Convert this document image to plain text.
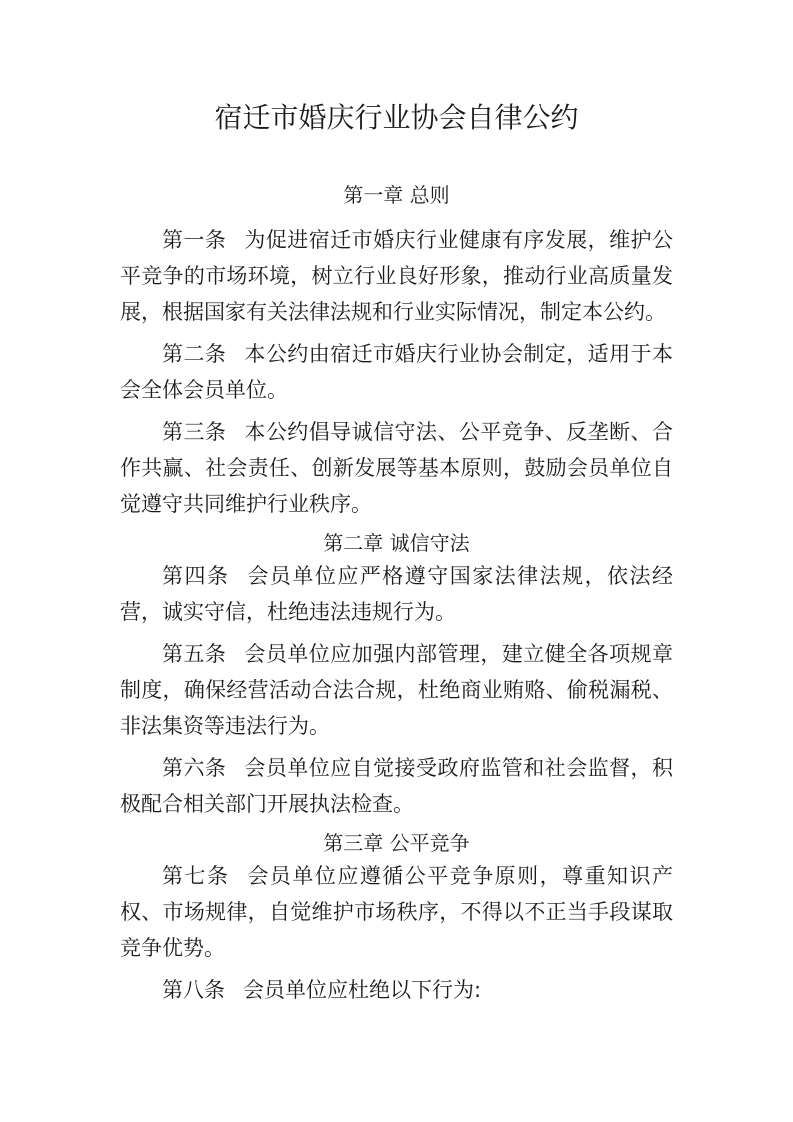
宿迁市婚庆行业协会自律公约

第一章 总则

第一条 为促进宿迁市婚庆行业健康有序发展，维护公平竞争的市场环境，树立行业良好形象，推动行业高质量发展，根据国家有关法律法规和行业实际情况，制定本公约。

第二条 本公约由宿迁市婚庆行业协会制定，适用于本会全体会员单位。

第三条 本公约倡导诚信守法、公平竞争、反垄断、合作共赢、社会责任、创新发展等基本原则，鼓励会员单位自觉遵守共同维护行业秩序。

第二章 诚信守法

第四条 会员单位应严格遵守国家法律法规，依法经营，诚实守信，杜绝违法违规行为。

第五条 会员单位应加强内部管理，建立健全各项规章制度，确保经营活动合法合规，杜绝商业贿赂、偷税漏税、非法集资等违法行为。

第六条 会员单位应自觉接受政府监管和社会监督，积极配合相关部门开展执法检查。

第三章 公平竞争

第七条 会员单位应遵循公平竞争原则，尊重知识产权、市场规律，自觉维护市场秩序，不得以不正当手段谋取竞争优势。

第八条 会员单位应杜绝以下行为:
